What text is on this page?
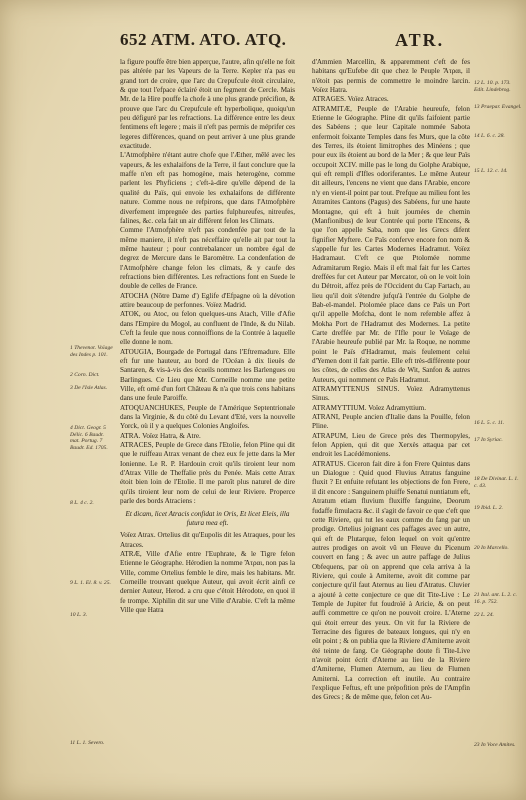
652 ATM. ATO. ATQ.	ATR.

la figure pouffe être bien apperçue, l'autre, afin qu'elle ne foit pas altérée par les Vapeurs de la Terre. Kepler n'a pas eu grand tort de croire, que l'arc du Crepufcule étoit circulaire, & que tout l'efpace éclairé étoit un fegment de Cercle. Mais Mr. de la Hire pouffe la chofe à une plus grande précifion, & prouve que l'arc du Crepufcule eft hyperbolique, quoiqu'un peu défiguré par les refractions. La différence entre les deux fentimens eft legere ; mais il n'eft pas permis de méprifer ces legeres différences, quand on peut arriver à une plus grande exactitude.

L'Atmofphère n'étant autre chofe que l'Æther, mêlé avec les vapeurs, & les exhalaifons de la Terre, il faut conclure que la maffe n'en eft pas homogène, mais heterogène, comme parlent les Phyficiens ; c'eft-à-dire qu'elle dépend de la qualité du Païs, qui envoie les exhalaifons de différente nature. Comme nous ne refpirons, que dans l'Atmofphère diverfement impregnée des parties fulphureufes, nitreufes, falines, &c. cela fait un air différent felon les Climats.

Comme l'Atmofphère n'eft pas condenfée par tout de la même maniere, il n'eft pas néceffaire qu'elle ait par tout la même hauteur ; pour contrebalancer un nombre égal de degrez de Mercure dans le Baromètre. La condenfation de l'Atmofphère change felon les climats, & y caufe des refractions bien différentes. Les refractions font en Suede le double de celles de France.

ATOCHA (Nôtre Dame d') Eglife d'Efpagne où la dévotion attire beaucoup de perfonnes. Voïez Madrid.

ATOK, ou Atoc, ou felon quelques-uns Atach, Ville d'Afie dans l'Empire du Mogol, au confluent de l'Inde, & du Nilab. C'eft la feule que nous connoiffions de la Contrée à laquelle elle donne le nom.

ATOUGIA, Bourgade de Portugal dans l'Eftremadure. Elle eft fur une hauteur, au bord de l'Océan à dix lieuës de Santaren, & vis-à-vis des écueils nommez les Barlengues ou Barlingues. Ce Lieu que Mr. Corneille nomme une petite Ville, eft orné d'un fort Château & n'a que trois cens habitans dans une feule Paroiffe.

ATOQUANCHUKES, Peuple de l'Amérique Septentrionale dans la Virginie, & du côté du Levant d'Eté, vers la nouvelle Yorck, où il y a quelques Colonies Angloifes.

ATRA. Voïez Hatra, & Atre.

ATRACES, Peuple de Grece dans l'Etolie, felon Pline qui dit que le ruiffeau Atrax venant de chez eux fe jette dans la Mer Ionienne. Le R. P. Hardouin croit qu'ils tiroient leur nom d'Atrax Ville de Theffalie près du Penée. Mais cette Atrax étoit bien loin de l'Etolie. Il me paroît plus naturel de dire qu'ils tiroient leur nom de celui de leur Riviere. Properce parle des bords Atraciens :

Et dicam, licet Atracis confidat in Oris, Et licet Eleis, illa futura mea eft.

Voïez Atrax. Ortelius dit qu'Eupolis dit les Atraques, pour les Atraces.

ATRÆ, Ville d'Afie entre l'Euphrate, & le Tigre felon Etienne le Géographe. Hérodien la nomme Ἄτραι, non pas la Ville, comme Ortelius femble le dire, mais les habitans. Mr. Corneille trouvant quelque Auteur, qui avoit écrit ainfi ce dernier Auteur, Herod. a cru que c'étoit Hérodote, en quoi il fe trompe. Xiphilin dit sur une Ville d'Arabie. C'eft la même Ville que Hatra

d'Ammien Marcellin, & apparemment c'eft de fes habitans qu'Eufebe dit que chez le Peuple Ἄτραι, il n'étoit pas permis de commettre le moindre larcin. Voïez Hatra.

ATRAGES. Voïez Atraces.

ATRAMITÆ, Peuple de l'Arabie heureufe, felon Etienne le Géographe. Pline dit qu'ils faifoient partie des Sabéens ; que leur Capitale nommée Sabota enfermoit foixante Temples dans fes Murs, que la côte des Terres, ils étoient limitrophes des Minéens ; que pour eux ils étoient au bord de la Mer ; & que leur Païs occupoit XCIV. mille pas le long du Golphe Arabique, qui eft rempli d'Ifles odoriferantes. Le même Auteur dit ailleurs, l'encens ne vient que dans l'Arabie, encore n'y en vient-il point par tout. Prefque au milieu font les Atramites Cantons (Pagus) des Sabéens, fur une haute Montagne, qui eft à huit journées de chemin (Manfionibus) de leur Contrée qui porte l'Encens, & que l'on appelle Saba, nom que les Grecs difent fignifier Myftere. Ce Païs conferve encore fon nom & s'appelle fur les Cartes Modernes Hadramut. Voïez Hadramaut. C'eft ce que Ptolomée nomme Adramitarum Regio. Mais il eft mal fait fur les Cartes dreffées fur cet Auteur par Mercator, où on le voit loin du Détroit, affez près de l'Occident du Cap Fartach, au lieu qu'il doit s'étendre jufqu'à l'entrée du Golphe de Bab-el-mandel. Ptolomée place dans ce Païs un Port qu'il appelle Mofcha, dont le nom refemble affez à Mokha Port de l'Hadramut des Modernes. La petite Carte dreffée par Mr. de l'Ifle pour le Voïage de l'Arabie heureufe publié par Mr. la Roque, ne nomme point le Païs d'Hadramut, mais feulement celui d'Yemen dont il fait partie. Elle eft très-différente pour les côtes, de celles des Atlas de Wit, Sanfon & autres Auteurs, qui nomment ce Païs Hadramut.

ATRAMYTTENUS SINUS. Voïez Adramyttenus Sinus.

ATRAMYTTIUM. Voïez Adramyttium.

ATRANI, Peuple ancien d'Italie dans la Pouille, felon Pline.

ATRAPUM, Lieu de Grece près des Thermopyles, felon Appien, qui dit que Xerxès attaqua par cet endroit les Lacédémoniens.

ATRATUS. Ciceron fait dire à fon Frere Quintus dans un Dialogue : Quid quod Fluvius Atratus fanguine fluxit ? Et enfuite refutant les objections de fon Frere, il dit encore : Sanguinem pluiffe Senatui nuntiatum eft, Atratum etiam fluvium fluxiffe fanguine, Deorum fudaffe fimulacra &c. il s'agit de favoir ce que c'eft que cette Riviere, qui tut les eaux comme du fang par un prodige. Ortelius joignant ces paffages avec un autre, qui eft de Plutarque, felon lequel on voit qu'entre autres prodiges on avoit vû un Fleuve du Picenum couvert en fang ; & avec un autre paffage de Julius Obfequens, par où on apprend que cela arriva à la Riviere, qui coule à Amiterne, avoit dit comme par conjecture qu'il faut Aternus au lieu d'Atratus. Cluvier a ajouté à cette conjecture ce que dit Tite-Live : Le Temple de Jupiter fut foudroïé à Aricie, & on peut auffi commettre ce qu'on ne pouvoit croire. L'Aterne qui étoit erreur des yeux. On vit fur la Riviere de Terracine des figures de bateaux longues, qui n'y en eût point ; & on publia que la Riviere d'Amiterne avoit été teinte de fang. Ce Géographe doute fi Tite-Live n'avoit point écrit d'Aterne au lieu de la Riviere d'Amiterne, Flumen Aternum, au lieu de Flumen Amiterni. La correction eft inutile. Au contraire l'explique Feftus, eft une prépofition près de l'Ampfin des Grecs ; & de même que, felon cet Au-

1 Thevenot. Voïage des Indes p. 101.
2 Corn. Dict.
3 De l'Isle Atlas.
4 Dict. Geogr. 5 Délic. 6 Baudr. mat. Portug. 7 Baudr. Ed. 1705.
8 L. 4 c. 2.
9 L. 1. El. 8. v. 25.
10 L. 3.
11 L. 1. Severo.
12 L. 10. p. 173. Edit. Lindebrog.
13 Praepar. Evangel.
14 L. 6. c. 28.
15 L. 12. c. 14.
16 L. 5. c. 11.
17 In Syriac.
18 De Divinat. L. 1. c. 43.
19 Ibid. L. 2.
20 In Marcello.
21 Ital. ant. L. 2. c. 16. p. 752.
22 L. 24.
23 In Voce Amites.
